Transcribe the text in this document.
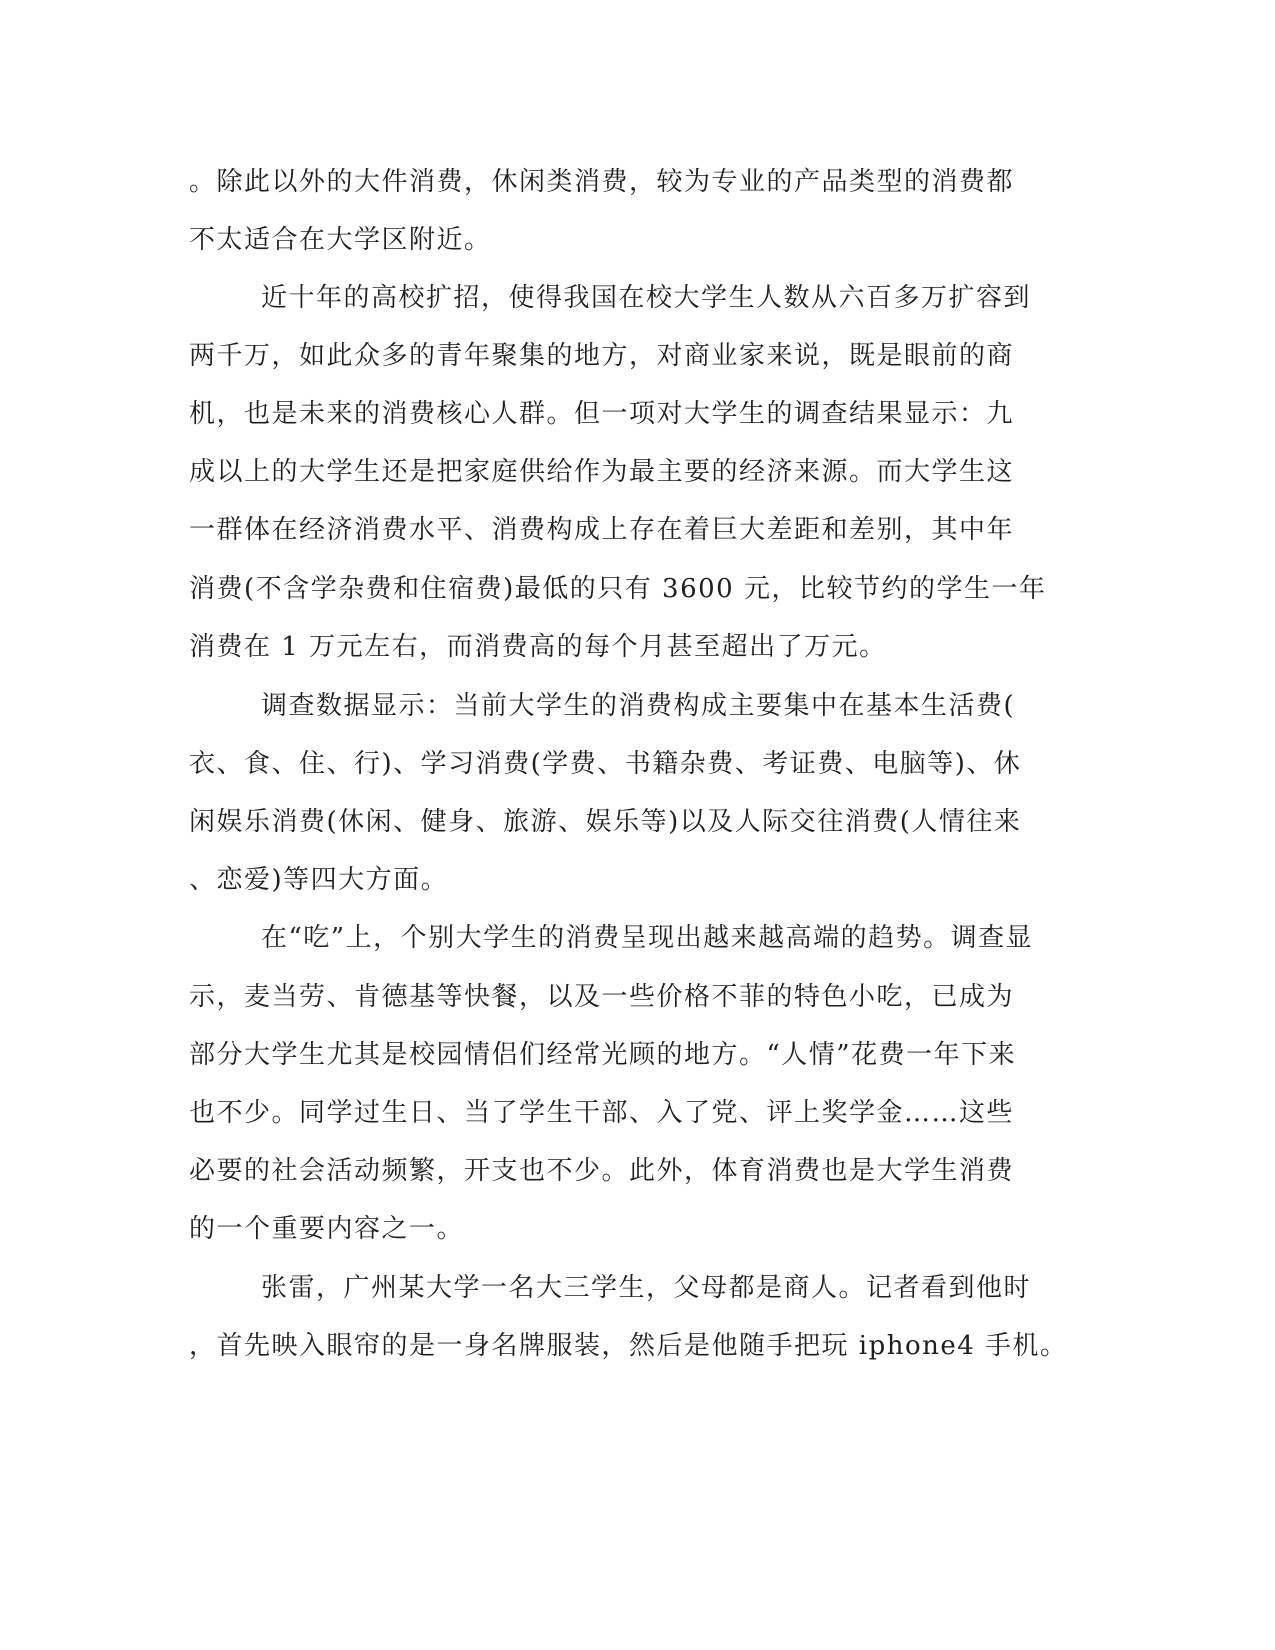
。除此以外的大件消费，休闲类消费，较为专业的产品类型的消费都
不太适合在大学区附近。
近十年的高校扩招，使得我国在校大学生人数从六百多万扩容到
两千万，如此众多的青年聚集的地方，对商业家来说，既是眼前的商
机，也是未来的消费核心人群。但一项对大学生的调查结果显示：九
成以上的大学生还是把家庭供给作为最主要的经济来源。而大学生这
一群体在经济消费水平、消费构成上存在着巨大差距和差别，其中年
消费(不含学杂费和住宿费)最低的只有 3600 元，比较节约的学生一年
消费在 1 万元左右，而消费高的每个月甚至超出了万元。
调查数据显示：当前大学生的消费构成主要集中在基本生活费(
衣、食、住、行)、学习消费(学费、书籍杂费、考证费、电脑等)、休
闲娱乐消费(休闲、健身、旅游、娱乐等)以及人际交往消费(人情往来
、恋爱)等四大方面。
在“吃”上，个别大学生的消费呈现出越来越高端的趋势。调查显
示，麦当劳、肯德基等快餐，以及一些价格不菲的特色小吃，已成为
部分大学生尤其是校园情侣们经常光顾的地方。“人情”花费一年下来
也不少。同学过生日、当了学生干部、入了党、评上奖学金……这些
必要的社会活动频繁，开支也不少。此外，体育消费也是大学生消费
的一个重要内容之一。
张雷，广州某大学一名大三学生，父母都是商人。记者看到他时
，首先映入眼帘的是一身名牌服装，然后是他随手把玩 iphone4 手机。
